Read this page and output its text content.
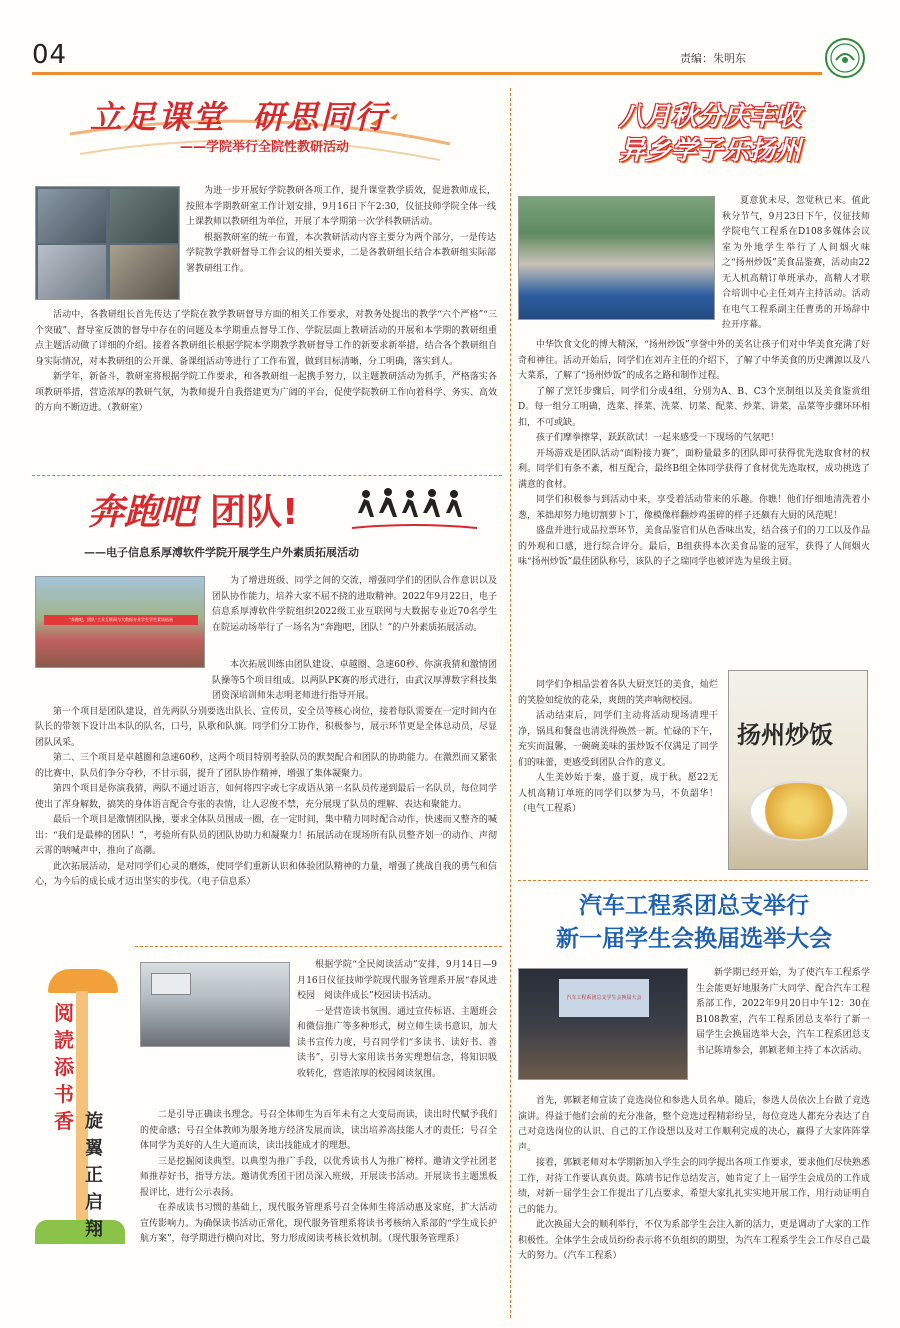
04	责编：朱明东
立足课堂  研思同行
——学院举行全院性教研活动

为进一步开展好学院教研各项工作，提升课堂教学质效，促进教师成长，按照本学期教研室工作计划安排，9月16日下午2:30，仪征技师学院全体一线上课教师以教研组为单位，开展了本学期第一次学科教研活动。

根据教研室的统一布置，本次教研活动内容主要分为两个部分，一是传达学院教学教研督导工作会议的相关要求，二是各教研组长结合本教研组实际部署教研组工作。

活动中，各教研组长首先传达了学院在教学教研督导方面的相关工作要求，对教务处提出的教学“六个严格”“三个突破”、督导室反馈的督导中存在的问题及本学期重点督导工作、学院层面上教研活动的开展和本学期的教研组重点主题活动做了详细的介绍。接着各教研组长根据学院本学期教学教研督导工作的新要求新举措，结合各个教研组自身实际情况，对本教研组的公开课、备课组活动等进行了工作布置，做到目标清晰，分工明确，落实到人。

新学年，新备斗，教研室将根据学院工作要求，和各教研组一起携手努力，以主题教研活动为抓手，严格落实各项教研举措，营造浓厚的教研气氛，为教师提升自我搭建更为广阔的平台，促使学院教研工作向着科学、务实、高效的方向不断迈进。（教研室）

奔跑吧 团队!
——电子信息系厚溥软件学院开展学生户外素质拓展活动
“奔跑吧，团队”工业互联网与大数据专业学生学生素质拓展

为了增进班级、同学之间的交流，增强同学们的团队合作意识以及团队协作能力，培养大家不屈不挠的进取精神。2022年9月22日，电子信息系厚溥软件学院组织2022级工业互联网与大数据专业近70名学生在院运动场举行了一场名为“奔跑吧，团队！”的户外素质拓展活动。

本次拓展训练由团队建设、卓越圈、急速60秒、你演我猜和激情团队操等5个项目组成。以两队PK赛的形式进行，由武汉厚溥数字科技集团资深培训师朱志明老师进行指导开展。

第一个项目是团队建设，首先两队分别要选出队长、宣传员，安全员等核心岗位，接着每队需要在一定时间内在队长的带领下设计出本队的队名，口号，队歌和队旗。同学们分工协作，积极参与，展示环节更是全体总动员，尽显团队风采。

第二、三个项目是卓越圈和急速60秒，这两个项目特别考验队员的默契配合和团队的协助能力。在激烈而又紧张的比赛中，队员们争分夺秒，不甘示弱，提升了团队协作精神，增强了集体凝聚力。

第四个项目是你演我猜，两队不通过语言，如何将四字或七字成语从第一名队员传递到最后一名队员，每位同学使出了浑身解数，搞笑的身体语言配合夸张的表情，让人忍俊不禁，充分展现了队员的理解、表达和聚能力。

最后一个项目是激情团队操，要求全体队员围成一圈，在一定时间，集中精力同时配合动作，快速而又整齐的喊出：“我们是最棒的团队！”，考验所有队员的团队协助力和凝聚力！拓展活动在现场所有队员整齐划一的动作、声彻云霄的呐喊声中，推向了高潮。

此次拓展活动，是对同学们心灵的磨炼，使同学们重新认识和体验团队精神的力量，增强了挑战自我的勇气和信心，为今后的成长成才迈出坚实的步伐。（电子信息系）

阅
読
添
书
香 旋
翼
正
启
翔

根据学院“全民阅读活动”安排，9月14日—9月16日仪征技师学院现代服务管理系开展“春风进校园　阅读伴成长”校园读书活动。

一是营造读书氛围。通过宣传标语、主题班会和微信推广等多种形式，树立师生读书意识，加大读书宣传力度，号召同学们“多读书、读好书、善读书”，引导大家用读书务实理想信念，将知识吸收转化，营造浓厚的校园阅读氛围。

二是引导正确读书理念。号召全体师生为百年未有之大变局而读，读出时代赋予我们的使命感；号召全体教师为服务地方经济发展而读，读出培养高技能人才的责任；号召全体同学为美好的人生大道而读，读出技能成才的理想。

三是挖掘阅读典型。以典型为推广手段，以优秀读书人为推广榜样。邀请文学社团老师推荐好书，指导方法。邀请优秀团干团员深入班级，开展读书活动。开展读书主题黑板报评比，进行公示表扬。

在养成读书习惯的基础上，现代服务管理系号召全体师生将活动惠及家庭，扩大活动宣传影响力。为确保读书活动正常化，现代服务管理系将读书考核纳入系部的“学生成长护航方案”，每学期进行横向对比，努力形成阅读考核长效机制。（现代服务管理系）

八月秋分庆丰收
异乡学子乐扬州

夏意犹未尽，忽觉秋已来。值此秋分节气，9月23日下午，仪征技师学院电气工程系在D108多媒体会议室为外地学生举行了人间烟火味之“扬州炒饭”美食品鉴赛，活动由22无人机高精订单班承办，高精人才联合培训中心主任刘卉主持活动。活动在电气工程系副主任曹勇的开场辞中拉开序幕。

中华饮食文化的博大精深，“扬州炒饭”享誉中外的美名让孩子们对中华美食充满了好奇和神往。活动开始后，同学们在刘卉主任的介绍下，了解了中华美食的历史渊源以及八大菜系，了解了“扬州炒饭”的成名之路和制作过程。

了解了烹饪步骤后，同学们分成4组，分别为A、B、C3个烹制组以及美食鉴赏组D。每一组分工明确，选菜、择菜、洗菜、切菜、配菜、炒菜、讲菜，品菜等步骤环环相扣，不可或缺。

孩子们摩拳擦掌，跃跃欲试！一起来感受一下现场的气氛吧！

开场游戏是团队活动“面粉接力赛”，面粉量最多的团队即可获得优先选取食材的权利。同学们有条不紊，相互配合，最终B组全体同学获得了食材优先选取权，成功挑选了满意的食材。

同学们积极参与到活动中来，享受着活动带来的乐趣。你瞧！他们仔细地清洗着小葱，苯拙却努力地切割萝卜丁，像模像样翻炒鸡蛋碎的样子还颇有大厨的风范呢！

盛盘并进行成品拉票环节，美食品鉴官们从色香味出发，结合孩子们的刀工以及作品的外观和口感，进行综合评分。最后，B组获得本次美食品鉴的冠军，获得了人间烟火味“扬州炒饭”最佳团队称号，该队的子之瑞同学也被评选为星级主厨。

同学们争相品尝着各队大厨烹饪的美食，灿烂的笑脸如绽放的花朵，爽朗的笑声响彻校园。

活动结束后，同学们主动将活动现场清理干净，锅具和餐盘也清洗得焕然一新。忙碌的下午，充实而温馨，一碗碗美味的蛋炒饭不仅满足了同学们的味蕾，更感受到团队合作的意义。

人生美妙始于秦，盛于夏，成于秋。愿22无人机高精订单班的同学们以梦为马，不负韶华！（电气工程系）

扬州炒饭
汽车工程系团总支举行
新一届学生会换届选举大会
汽车工程系团总支学生会换届大会

新学期已经开始，为了使汽车工程系学生会能更好地服务广大同学、配合汽车工程系部工作，2022年9月20日中午12：30在B108教室，汽车工程系团总支举行了新一届学生会换届选举大会，汽车工程系团总支书记陈靖参会，郭颖老师主持了本次活动。

首先，郭颖老师宣读了竞选岗位和参选人员名单。随后，参选人员依次上台做了竞选演讲。得益于他们会前的充分准备，整个竞选过程精彩纷呈，每位竞选人都充分表达了自己对竞选岗位的认识、自己的工作设想以及对工作顺利完成的决心，赢得了大家阵阵掌声。

接着，郭颖老师对本学期新加入学生会的同学提出各项工作要求，要求他们尽快熟悉工作，对待工作要认真负责。陈靖书记作总结发言，她肯定了上一届学生会成员的工作成绩，对新一届学生会工作提出了几点要求，希望大家扎扎实实地开展工作，用行动证明自己的能力。

此次换届大会的顺利举行，不仅为系部学生会注入新的活力，更是调动了大家的工作积极性。全体学生会成员纷纷表示将不负组织的期望，为汽车工程系学生会工作尽自己最大的努力。（汽车工程系）
